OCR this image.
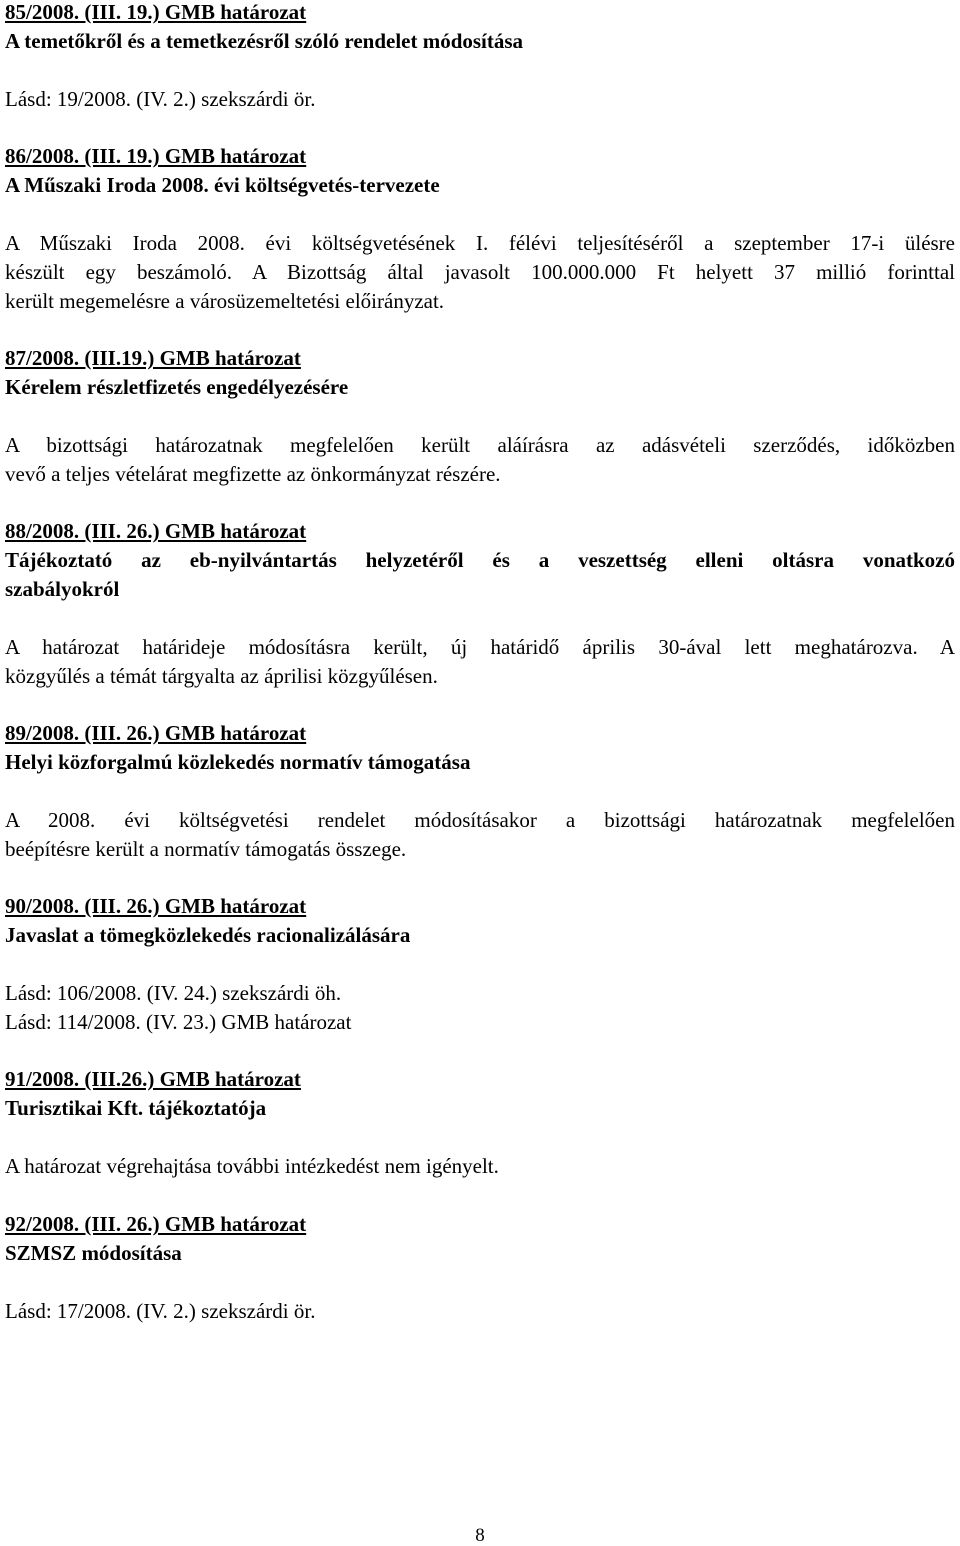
85/2008. (III. 19.) GMB határozat
A temetőkről és a temetkezésről szóló rendelet módosítása
Lásd: 19/2008. (IV. 2.) szekszárdi ör.
86/2008. (III. 19.) GMB határozat
A Műszaki Iroda 2008. évi költségvetés-tervezete
A Műszaki Iroda 2008. évi költségvetésének I. félévi teljesítéséről a szeptember 17-i ülésre
készült egy beszámoló. A Bizottság által javasolt 100.000.000 Ft helyett 37 millió forinttal
került megemelésre a városüzemeltetési előirányzat.
87/2008. (III.19.) GMB határozat
Kérelem részletfizetés engedélyezésére
A bizottsági határozatnak megfelelően került aláírásra az adásvételi szerződés, időközben
vevő a teljes vételárat megfizette az önkormányzat részére.
88/2008. (III. 26.) GMB határozat
Tájékoztató az eb-nyilvántartás helyzetéről és a veszettség elleni oltásra vonatkozó
szabályokról
A határozat határideje módosításra került, új határidő április 30-ával lett meghatározva. A
közgyűlés a témát tárgyalta az áprilisi közgyűlésen.
89/2008. (III. 26.) GMB határozat
Helyi közforgalmú közlekedés normatív támogatása
A 2008. évi költségvetési rendelet módosításakor a bizottsági határozatnak megfelelően
beépítésre került a normatív támogatás összege.
90/2008. (III. 26.) GMB határozat
Javaslat a tömegközlekedés racionalizálására
Lásd: 106/2008. (IV. 24.) szekszárdi öh.
Lásd: 114/2008. (IV. 23.) GMB határozat
91/2008. (III.26.) GMB határozat
Turisztikai Kft. tájékoztatója
A határozat végrehajtása további intézkedést nem igényelt.
92/2008. (III. 26.) GMB határozat
SZMSZ módosítása
Lásd: 17/2008. (IV. 2.) szekszárdi ör.
8
